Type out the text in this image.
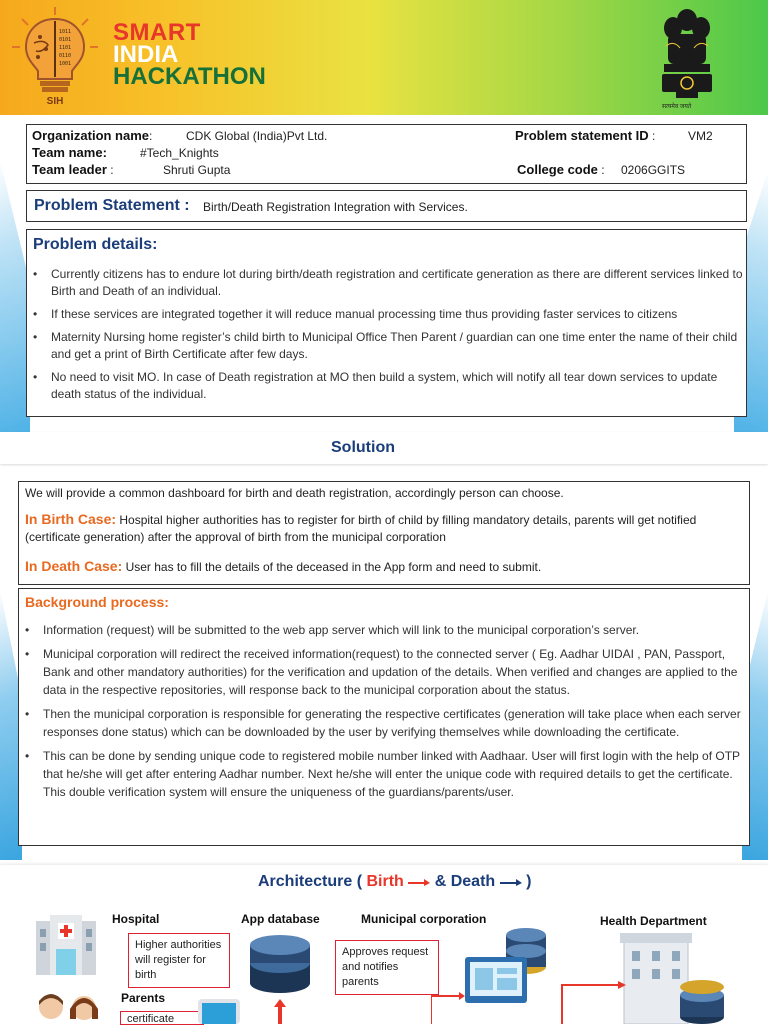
1011
0101
1101
0110
1001
SIH
SMART
INDIA
HACKATHON
सत्यमेव जयते
Organization name:	CDK Global (India)Pvt Ltd.
Team name:	#Tech_Knights
Team leader :	Shruti Gupta
Problem statement ID :	VM2
College code : 0206GGITS
Problem Statement : Birth/Death Registration Integration with Services.
Problem details:
• Currently citizens has to endure lot during birth/death registration and certificate generation as there are different services linked to Birth and Death of an individual.
• If these services are integrated together it will reduce manual processing time thus providing faster services to citizens
• Maternity Nursing home register’s child birth to Municipal Office Then Parent / guardian can one time enter the name of their child and get a print of Birth Certificate after few days.
• No need to visit MO. In case of Death registration at MO then build a system, which will notify all tear down services to update death status of the individual.
Solution

We will provide a common dashboard for birth and death registration, accordingly person can choose.

In Birth Case: Hospital higher authorities has to register for birth of child by filling mandatory details, parents will get notified (certificate generation) after the approval of birth from the municipal corporation

In Death Case: User has to fill the details of the deceased in the App form and need to submit.

Background process:
• Information (request) will be submitted to the web app server which will link to the municipal corporation’s server.
• Municipal corporation will redirect the received information(request) to the connected server ( Eg. Aadhar UIDAI , PAN, Passport, Bank and other mandatory authorities) for the verification and updation of the details. When verified and changes are applied to the data in the respective repositories, will response back to the municipal corporation about the status.
• Then the municipal corporation is responsible for generating the respective certificates (generation will take place when each server responses done status) which can be downloaded by the user by verifying themselves while downloading the certificate.
• This can be done by sending unique code to registered mobile number linked with Aadhaar. User will first login with the help of OTP that he/she will get after entering Aadhar number. Next he/she will enter the unique code with required details to get the certificate. This double verification system will ensure the uniqueness of the guardians/parents/user.
Architecture ( Birth & Death )
Hospital
Higher authorities will register for birth
Parents
certificate
App database	Municipal corporation
Approves request and notifies parents
Health Department
